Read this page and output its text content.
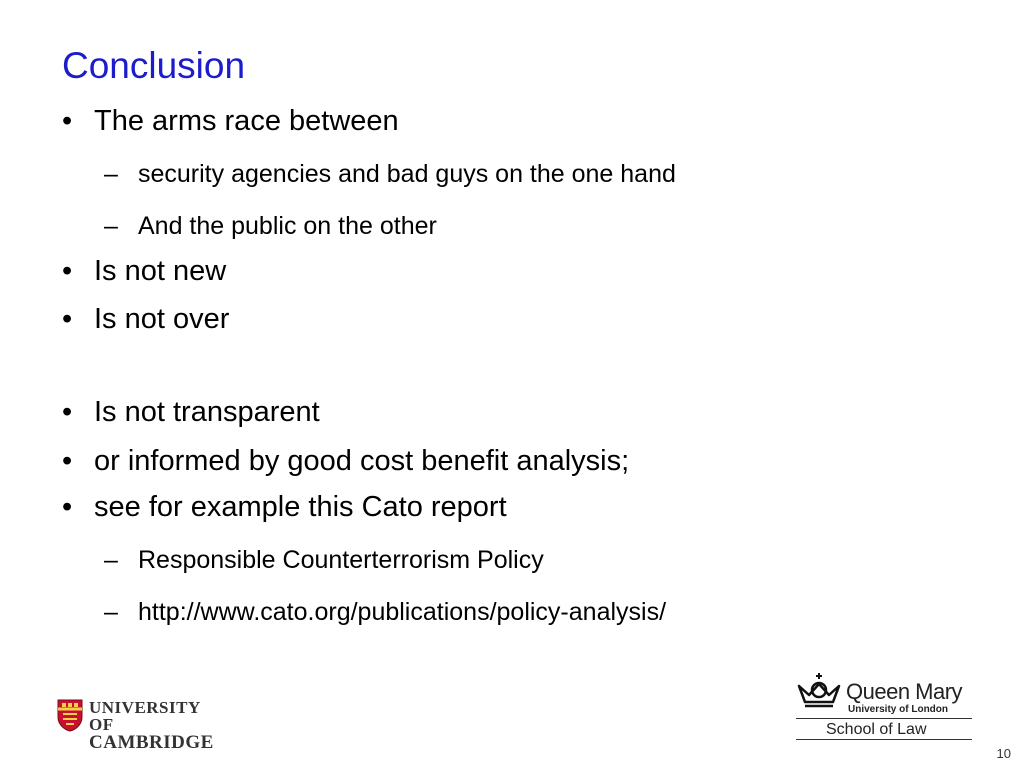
Conclusion
• The arms race between
– security agencies and bad guys on the one hand
– And the public on the other
• Is not new
• Is not over
• Is not transparent
• or informed by good cost benefit analysis;
• see for example this Cato report
– Responsible Counterterrorism Policy
– http://www.cato.org/publications/policy-analysis/
UNIVERSITY OF
CAMBRIDGE
Queen Mary
University of London
School of Law
10
